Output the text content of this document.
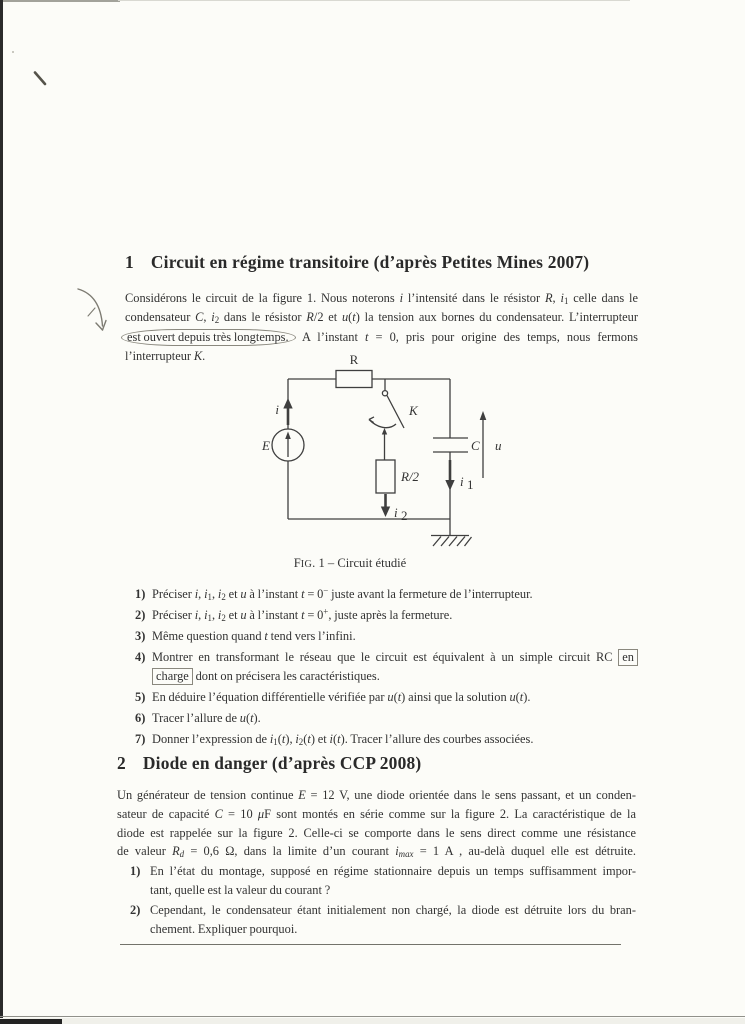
1 Circuit en régime transitoire (d’après Petites Mines 2007)
Considérons le circuit de la figure 1. Nous noterons i l’intensité dans le résistor R, i1 celle dans le
condensateur C, i2 dans le résistor R/2 et u(t) la tension aux bornes du condensateur. L’interrupteur
est ouvert depuis très longtemps. A l’instant t = 0, pris pour origine des temps, nous fermons
l’interrupteur K.	R
E
i	K
R/2
i 2
C
i 1
u
FIG. 1 – Circuit étudié
1) Préciser i, i1, i2 et u à l’instant t = 0− juste avant la fermeture de l’interrupteur.
2) Préciser i, i1, i2 et u à l’instant t = 0+, juste après la fermeture.
3) Même question quand t tend vers l’infini.
4) Montrer en transformant le réseau que le circuit est équivalent à un simple circuit RC en
charge dont on précisera les caractéristiques.
5) En déduire l’équation différentielle vérifiée par u(t) ainsi que la solution u(t).
6) Tracer l’allure de u(t).
7) Donner l’expression de i1(t), i2(t) et i(t). Tracer l’allure des courbes associées.
2 Diode en danger (d’après CCP 2008)
Un générateur de tension continue E = 12 V, une diode orientée dans le sens passant, et un conden-
sateur de capacité C = 10 μF sont montés en série comme sur la figure 2. La caractéristique de la
diode est rappelée sur la figure 2. Celle-ci se comporte dans le sens direct comme une résistance
de valeur Rd = 0,6 Ω, dans la limite d’un courant imax = 1 A , au-delà duquel elle est détruite.
1) En l’état du montage, supposé en régime stationnaire depuis un temps suffisamment impor-
tant, quelle est la valeur du courant ?
2) Cependant, le condensateur étant initialement non chargé, la diode est détruite lors du bran-
chement. Expliquer pourquoi.
